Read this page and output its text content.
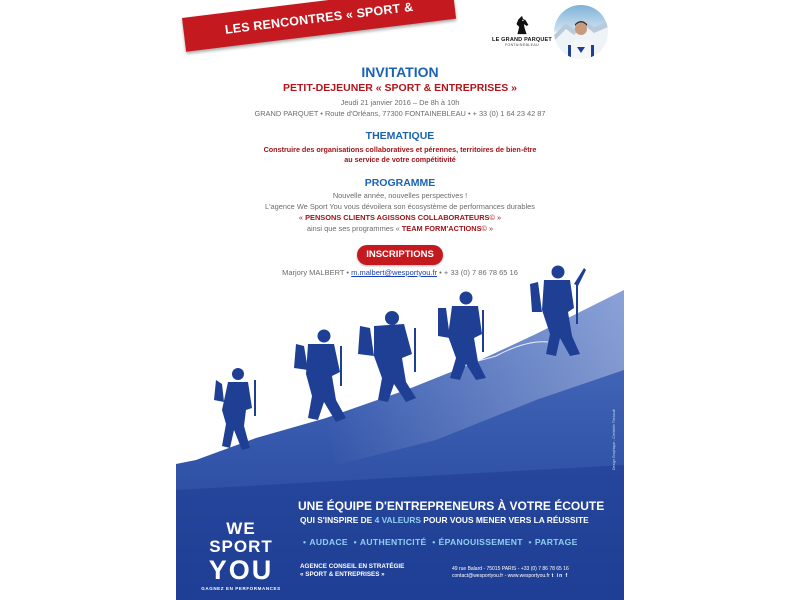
LES RENCONTRES « SPORT & ENTREPRISES »	LE GRAND PARQUET
FONTAINEBLEAU
INVITATION
PETIT-DEJEUNER « SPORT & ENTREPRISES »
Jeudi 21 janvier 2016 – De 8h à 10h
GRAND PARQUET • Route d'Orléans, 77300 FONTAINEBLEAU • + 33 (0) 1 64 23 42 87
THEMATIQUE
Construire des organisations collaboratives et pérennes, territoires de bien-être
au service de votre compétitivité
PROGRAMME
Nouvelle année, nouvelles perspectives !
L'agence We Sport You vous dévoilera son écosystème de performances durables
« PENSONS CLIENTS AGISSONS COLLABORATEURS© »
ainsi que ses programmes « TEAM FORM'ACTIONS© »
INSCRIPTIONS
Marjory MALBERT • m.malbert@wesportyou.fr • + 33 (0) 7 86 78 65 16
WE SPORT
YOU
GAGNEZ EN PERFORMANCES
UNE ÉQUIPE D'ENTREPRENEURS À VOTRE ÉCOUTE
QUI S'INSPIRE DE 4 VALEURS POUR VOUS MENER VERS LA RÉUSSITE
• AUDACE • AUTHENTICITÉ • ÉPANOUISSEMENT • PARTAGE
AGENCE CONSEIL EN STRATÉGIE
« SPORT & ENTREPRISES »
49 rue Balard - 75015 PARIS - +33 (0) 7 86 78 65 16
contact@wesportyou.fr - www.wesportyou.fr t in f
Design Graphique - Christelle Thebault
